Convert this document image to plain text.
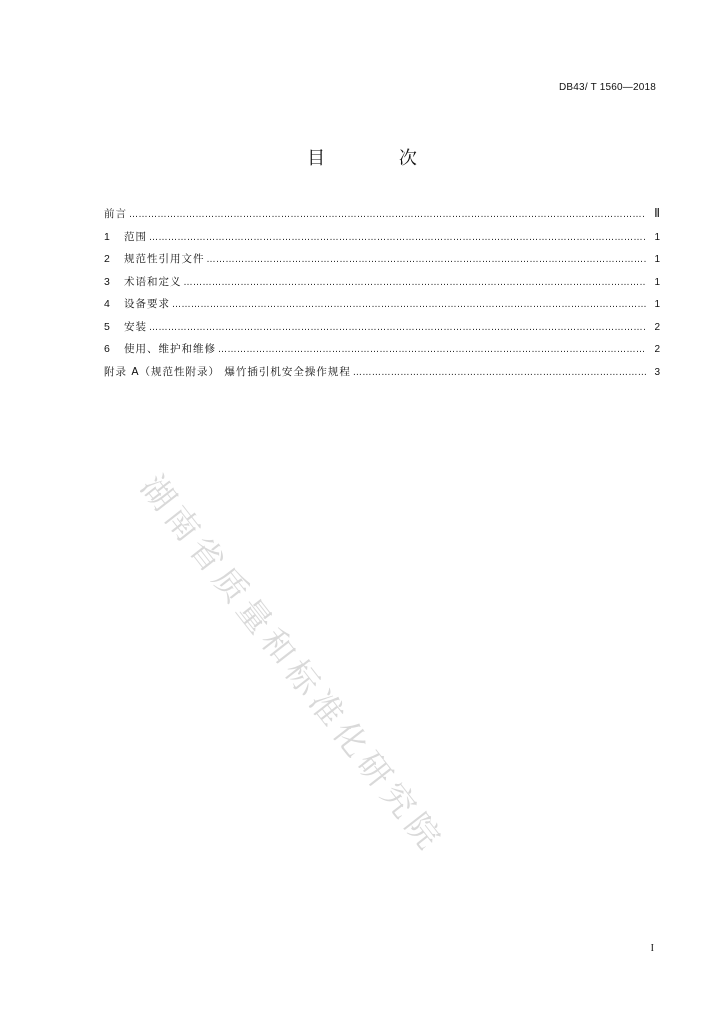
DB43/ T 1560—2018
目 次
前言 ……………………………………………………………………………………………………………………………………………………………………………………………………………………………………	Ⅱ
1	范围 ……………………………………………………………………………………………………………………………………………………………………………………………………………………………………	1
2	规范性引用文件 ……………………………………………………………………………………………………………………………………………………………………………………………………………………………………	1
3	术语和定义 ……………………………………………………………………………………………………………………………………………………………………………………………………………………………………	1
4	设备要求 ……………………………………………………………………………………………………………………………………………………………………………………………………………………………………	1
5	安装 ……………………………………………………………………………………………………………………………………………………………………………………………………………………………………	2
6	使用、维护和维修 ……………………………………………………………………………………………………………………………………………………………………………………………………………………………………	2
附录 A（规范性附录） 爆竹插引机安全操作规程 ……………………………………………………………………………………………………………………………………………………………………………………………………………………………………	3
湖南省质量和标准化研究院
I
